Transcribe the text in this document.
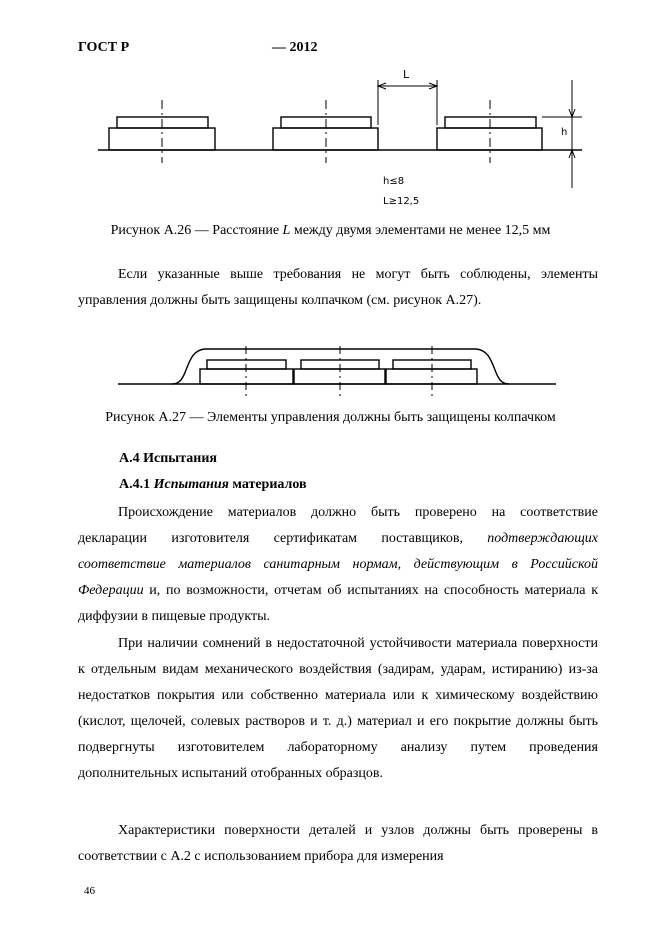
ГОСТ Р	— 2012
L
h
h≤8
L≥12,5
Рисунок А.26 — Расстояние L между двумя элементами не менее 12,5 мм
Если указанные выше требования не могут быть соблюдены, элементы управления должны быть защищены колпачком (см. рисунок А.27).
Рисунок А.27 — Элементы управления должны быть защищены колпачком
А.4 Испытания
А.4.1 Испытания материалов
Происхождение материалов должно быть проверено на соответствие декларации изготовителя сертификатам поставщиков, подтверждающих соответствие материалов санитарным нормам, действующим в Российской Федерации и, по возможности, отчетам об испытаниях на способность материала к диффузии в пищевые продукты.
При наличии сомнений в недостаточной устойчивости материала поверхности к отдельным видам механического воздействия (задирам, ударам, истиранию) из-за недостатков покрытия или собственно материала или к химическому воздействию (кислот, щелочей, солевых растворов и т. д.) материал и его покрытие должны быть подвергнуты изготовителем лабораторному анализу путем проведения дополнительных испытаний отобранных образцов.
Характеристики поверхности деталей и узлов должны быть проверены в соответствии с А.2 с использованием прибора для измерения
46
